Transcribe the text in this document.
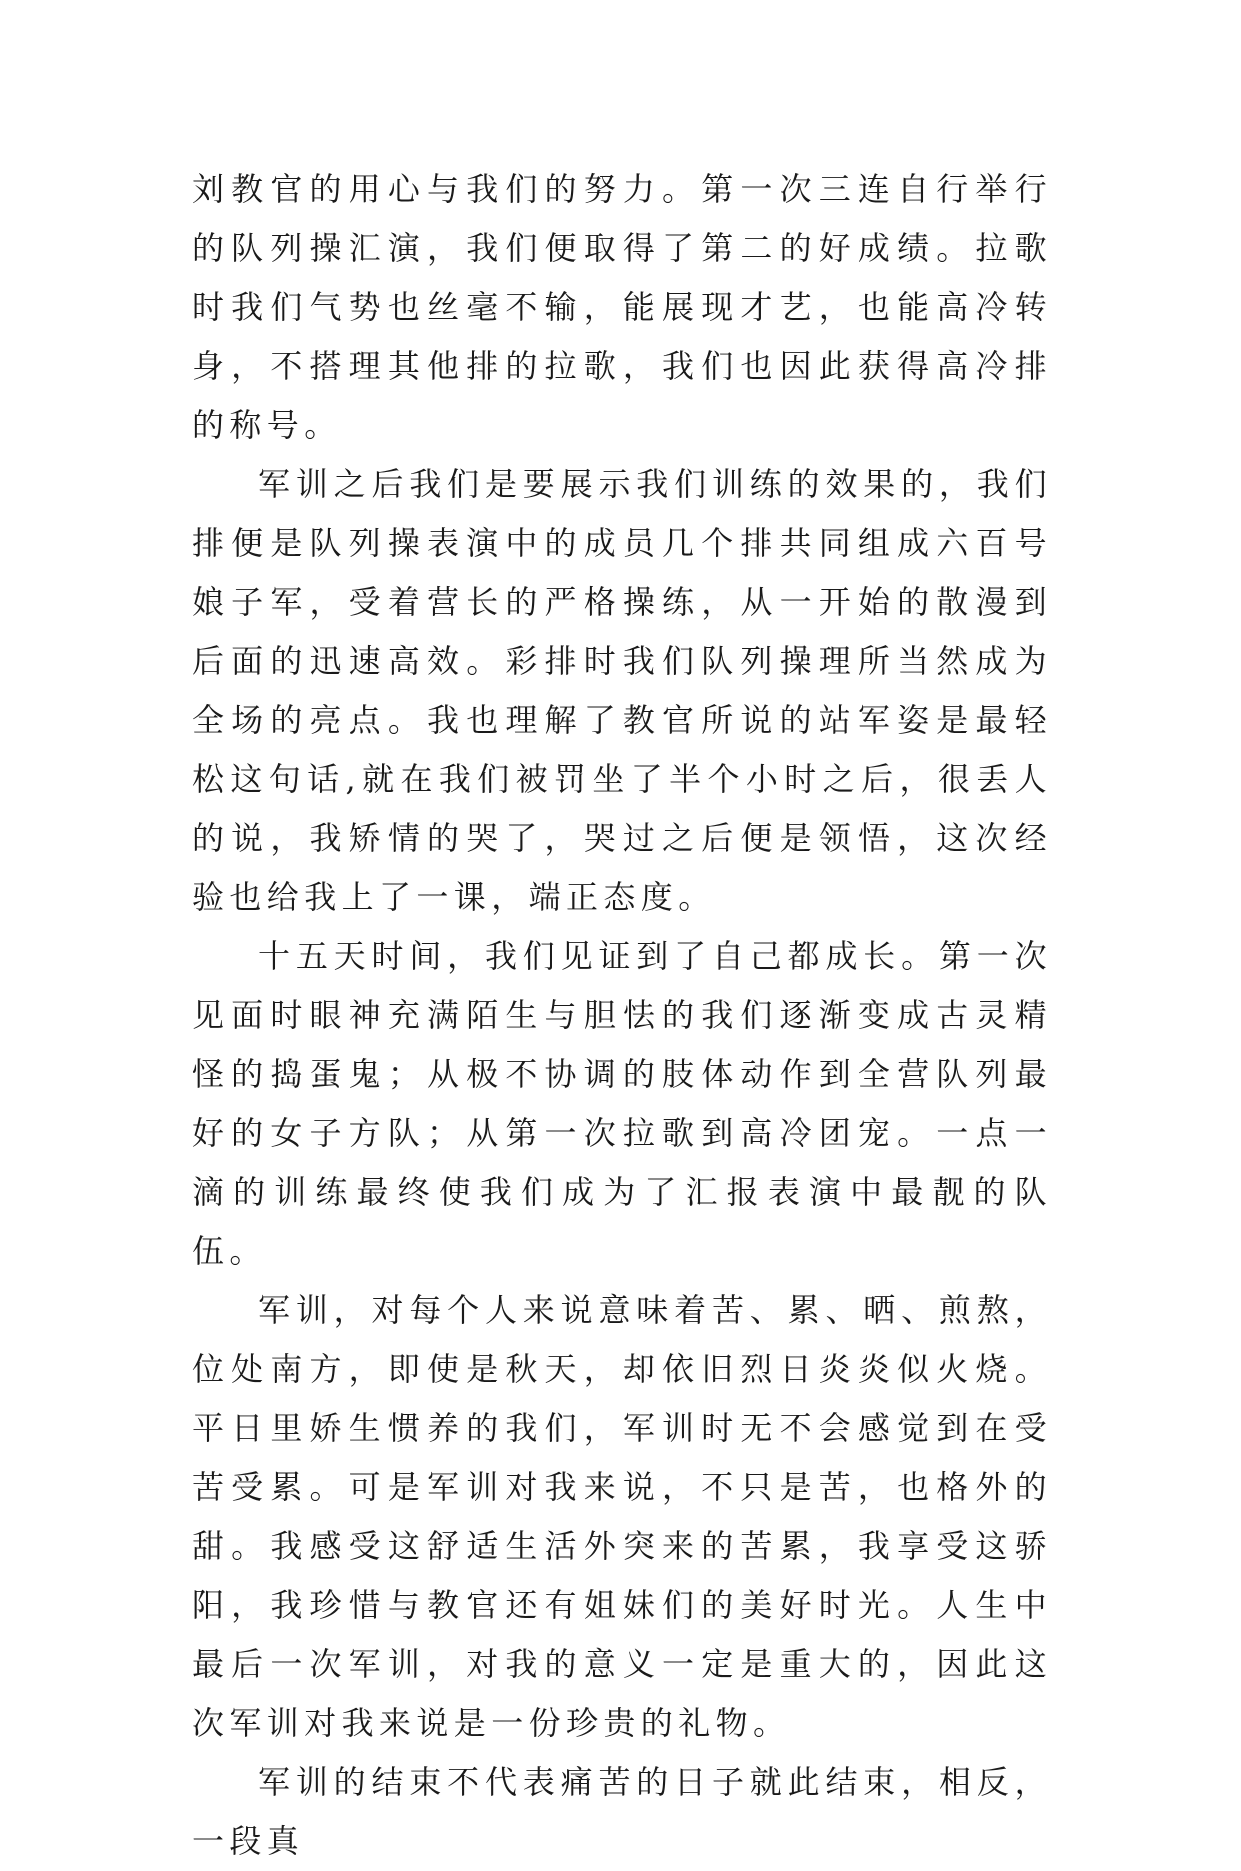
刘教官的用心与我们的努力。第一次三连自行举行的队列操汇演，我们便取得了第二的好成绩。拉歌时我们气势也丝毫不输，能展现才艺，也能高冷转身，不搭理其他排的拉歌，我们也因此获得高冷排的称号。

军训之后我们是要展示我们训练的效果的，我们排便是队列操表演中的成员几个排共同组成六百号娘子军，受着营长的严格操练，从一开始的散漫到后面的迅速高效。彩排时我们队列操理所当然成为全场的亮点。我也理解了教官所说的站军姿是最轻松这句话,就在我们被罚坐了半个小时之后，很丢人的说，我矫情的哭了，哭过之后便是领悟，这次经验也给我上了一课，端正态度。

十五天时间，我们见证到了自己都成长。第一次见面时眼神充满陌生与胆怯的我们逐渐变成古灵精怪的捣蛋鬼；从极不协调的肢体动作到全营队列最好的女子方队；从第一次拉歌到高冷团宠。一点一滴的训练最终使我们成为了汇报表演中最靓的队伍。

军训，对每个人来说意味着苦、累、晒、煎熬，位处南方，即使是秋天，却依旧烈日炎炎似火烧。平日里娇生惯养的我们，军训时无不会感觉到在受苦受累。可是军训对我来说，不只是苦，也格外的甜。我感受这舒适生活外突来的苦累，我享受这骄阳，我珍惜与教官还有姐妹们的美好时光。人生中最后一次军训，对我的意义一定是重大的，因此这次军训对我来说是一份珍贵的礼物。

军训的结束不代表痛苦的日子就此结束，相反，一段真
